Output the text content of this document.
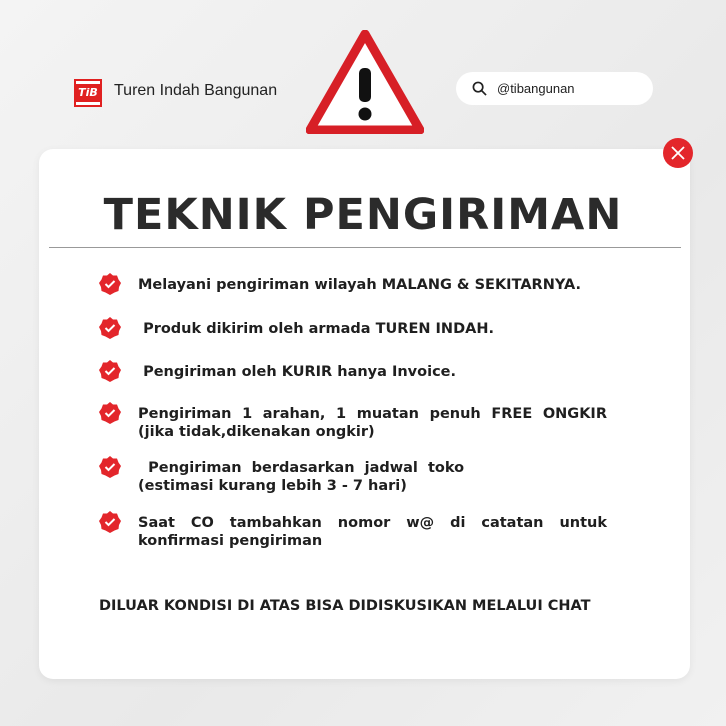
TiB Turen Indah Bangunan	@tibangunan
TEKNIK PENGIRIMAN
Melayani pengiriman wilayah MALANG & SEKITARNYA.
Produk dikirim oleh armada TUREN INDAH.
Pengiriman oleh KURIR hanya Invoice.
Pengiriman 1 arahan, 1 muatan penuh FREE ONGKIR
(jika tidak,dikenakan ongkir)
Pengiriman  berdasarkan  jadwal  toko
(estimasi kurang lebih 3 - 7 hari)
Saat CO tambahkan nomor w@ di catatan untuk
konfirmasi pengiriman
DILUAR KONDISI DI ATAS BISA DIDISKUSIKAN MELALUI CHAT
